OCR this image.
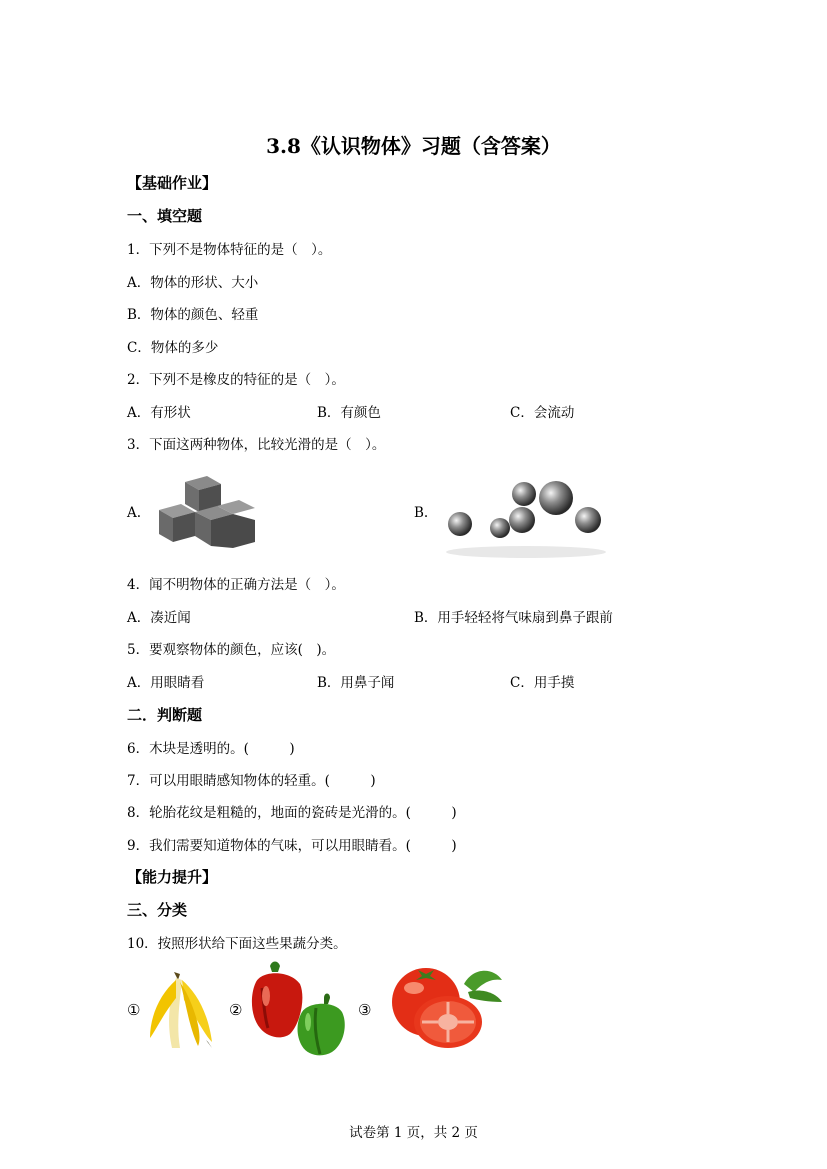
3.8《认识物体》习题（含答案）
【基础作业】
一、填空题
1．下列不是物体特征的是（　）。
A．物体的形状、大小
B．物体的颜色、轻重
C．物体的多少
2．下列不是橡皮的特征的是（　）。
A．有形状	B．有颜色	C．会流动
3．下面这两种物体，比较光滑的是（　）。
A.	B.
4．闻不明物体的正确方法是（　）。
A．凑近闻	B．用手轻轻将气味扇到鼻子跟前
5．要观察物体的颜色，应该(　)。
A．用眼睛看	B．用鼻子闻	C．用手摸
二．判断题
6．木块是透明的。(　　　)
7．可以用眼睛感知物体的轻重。(　　　)
8．轮胎花纹是粗糙的，地面的瓷砖是光滑的。(　　　)
9．我们需要知道物体的气味，可以用眼睛看。(　　　)
【能力提升】
三、分类
10．按照形状给下面这些果蔬分类。
①	②	③
试卷第 1 页，共 2 页
